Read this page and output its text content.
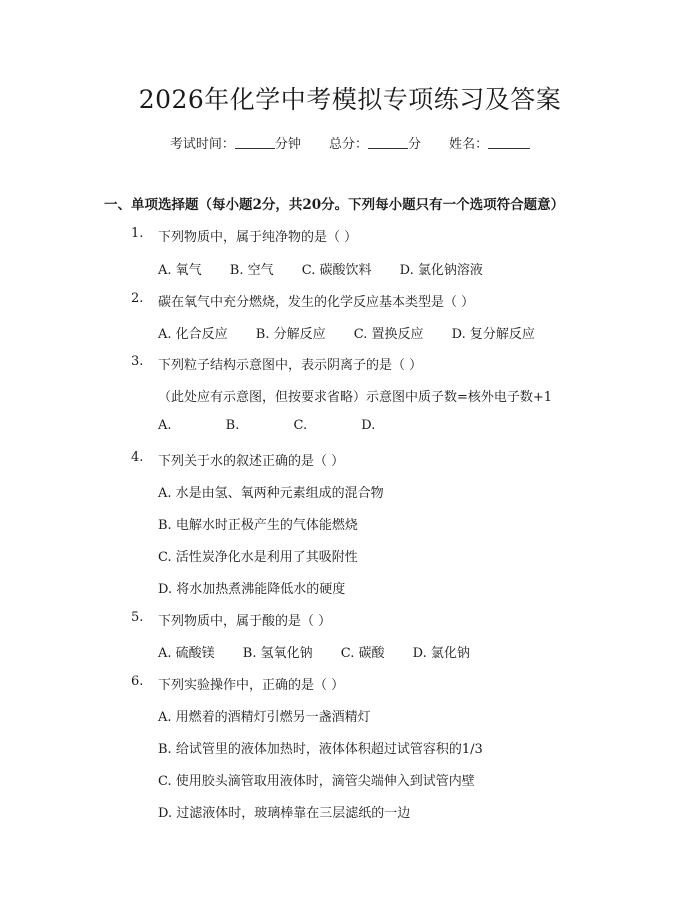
2026年化学中考模拟专项练习及答案
考试时间：	分钟 总分：	分 姓名：
一、单项选择题（每小题2分，共20分。下列每小题只有一个选项符合题意）
1. 下列物质中，属于纯净物的是（ ）
A. 氧气 B. 空气 C. 碳酸饮料 D. 氯化钠溶液
2. 碳在氧气中充分燃烧，发生的化学反应基本类型是（ ）
A. 化合反应 B. 分解反应 C. 置换反应 D. 复分解反应
3. 下列粒子结构示意图中，表示阴离子的是（ ）
（此处应有示意图，但按要求省略）示意图中质子数=核外电子数+1
A.	B.	C.	D.
4. 下列关于水的叙述正确的是（ ）
A. 水是由氢、氧两种元素组成的混合物
B. 电解水时正极产生的气体能燃烧
C. 活性炭净化水是利用了其吸附性
D. 将水加热煮沸能降低水的硬度
5. 下列物质中，属于酸的是（ ）
A. 硫酸镁 B. 氢氧化钠 C. 碳酸 D. 氯化钠
6. 下列实验操作中，正确的是（ ）
A. 用燃着的酒精灯引燃另一盏酒精灯
B. 给试管里的液体加热时，液体体积超过试管容积的1/3
C. 使用胶头滴管取用液体时，滴管尖端伸入到试管内壁
D. 过滤液体时，玻璃棒靠在三层滤纸的一边
